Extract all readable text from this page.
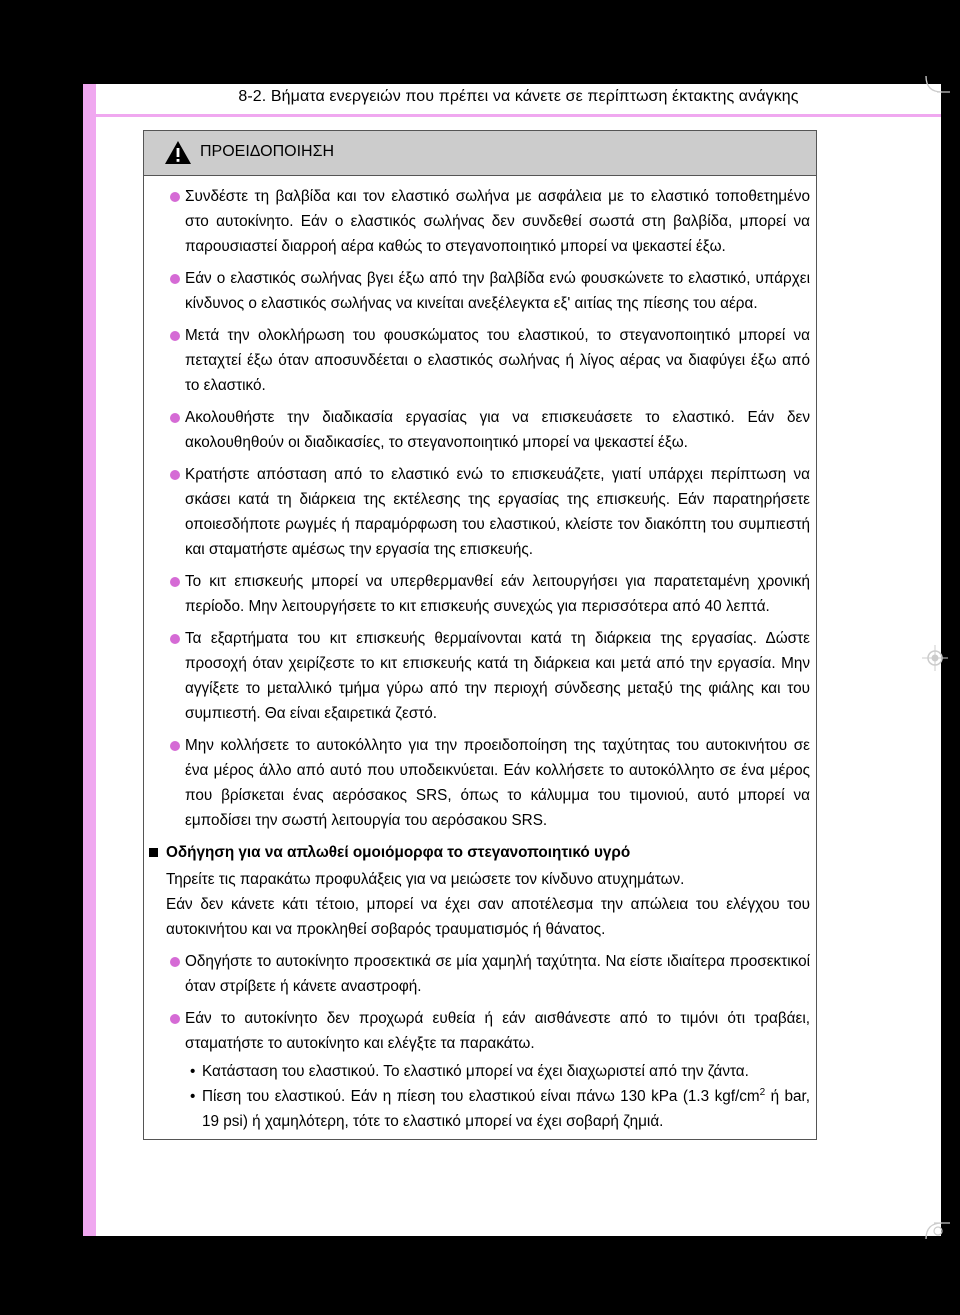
8-2. Βήματα ενεργειών που πρέπει να κάνετε σε περίπτωση έκτακτης ανάγκης
ΠΡΟΕΙΔΟΠΟΙΗΣΗ
Συνδέστε τη βαλβίδα και τον ελαστικό σωλήνα με ασφάλεια με το ελαστικό τοποθετημένο στο αυτοκίνητο. Εάν ο ελαστικός σωλήνας δεν συνδεθεί σωστά στη βαλβίδα, μπορεί να παρουσιαστεί διαρροή αέρα καθώς το στεγανοποιητικό μπορεί να ψεκαστεί έξω.
Εάν ο ελαστικός σωλήνας βγει έξω από την βαλβίδα ενώ φουσκώνετε το ελαστικό, υπάρχει κίνδυνος ο ελαστικός σωλήνας να κινείται ανεξέλεγκτα εξ' αιτίας της πίεσης του αέρα.
Μετά την ολοκλήρωση του φουσκώματος του ελαστικού, το στεγανοποιητικό μπορεί να πεταχτεί έξω όταν αποσυνδέεται ο ελαστικός σωλήνας ή λίγος αέρας να διαφύγει έξω από το ελαστικό.
Ακολουθήστε την διαδικασία εργασίας για να επισκευάσετε το ελαστικό. Εάν δεν ακολουθηθούν οι διαδικασίες, το στεγανοποιητικό μπορεί να ψεκαστεί έξω.
Κρατήστε απόσταση από το ελαστικό ενώ το επισκευάζετε, γιατί υπάρχει περίπτωση να σκάσει κατά τη διάρκεια της εκτέλεσης της εργασίας της επισκευής. Εάν παρατηρήσετε οποιεσδήποτε ρωγμές ή παραμόρφωση του ελαστικού, κλείστε τον διακόπτη του συμπιεστή και σταματήστε αμέσως την εργασία της επισκευής.
Το κιτ επισκευής μπορεί να υπερθερμανθεί εάν λειτουργήσει για παρατεταμένη χρονική περίοδο. Μην λειτουργήσετε το κιτ επισκευής συνεχώς για περισσότερα από 40 λεπτά.
Τα εξαρτήματα του κιτ επισκευής θερμαίνονται κατά τη διάρκεια της εργασίας. Δώστε προσοχή όταν χειρίζεστε το κιτ επισκευής κατά τη διάρκεια και μετά από την εργασία. Μην αγγίξετε το μεταλλικό τμήμα γύρω από την περιοχή σύνδεσης μεταξύ της φιάλης και του συμπιεστή. Θα είναι εξαιρετικά ζεστό.
Μην κολλήσετε το αυτοκόλλητο για την προειδοποίηση της ταχύτητας του αυτοκινήτου σε ένα μέρος άλλο από αυτό που υποδεικνύεται. Εάν κολλήσετε το αυτοκόλλητο σε ένα μέρος που βρίσκεται ένας αερόσακος SRS, όπως το κάλυμμα του τιμονιού, αυτό μπορεί να εμποδίσει την σωστή λειτουργία του αερόσακου SRS.
Οδήγηση για να απλωθεί ομοιόμορφα το στεγανοποιητικό υγρό
Τηρείτε τις παρακάτω προφυλάξεις για να μειώσετε τον κίνδυνο ατυχημάτων.
Εάν δεν κάνετε κάτι τέτοιο, μπορεί να έχει σαν αποτέλεσμα την απώλεια του ελέγχου του αυτοκινήτου και να προκληθεί σοβαρός τραυματισμός ή θάνατος.
Οδηγήστε το αυτοκίνητο προσεκτικά σε μία χαμηλή ταχύτητα. Να είστε ιδιαίτερα προσεκτικοί όταν στρίβετε ή κάνετε αναστροφή.
Εάν το αυτοκίνητο δεν προχωρά ευθεία ή εάν αισθάνεστε από το τιμόνι ότι τραβάει, σταματήστε το αυτοκίνητο και ελέγξτε τα παρακάτω.
• Κατάσταση του ελαστικού. Το ελαστικό μπορεί να έχει διαχωριστεί από την ζάντα.
• Πίεση του ελαστικού. Εάν η πίεση του ελαστικού είναι πάνω 130 kPa (1.3 kgf/$cm^2$ ή bar, 19 psi) ή χαμηλότερη, τότε το ελαστικό μπορεί να έχει σοβαρή ζημιά.
